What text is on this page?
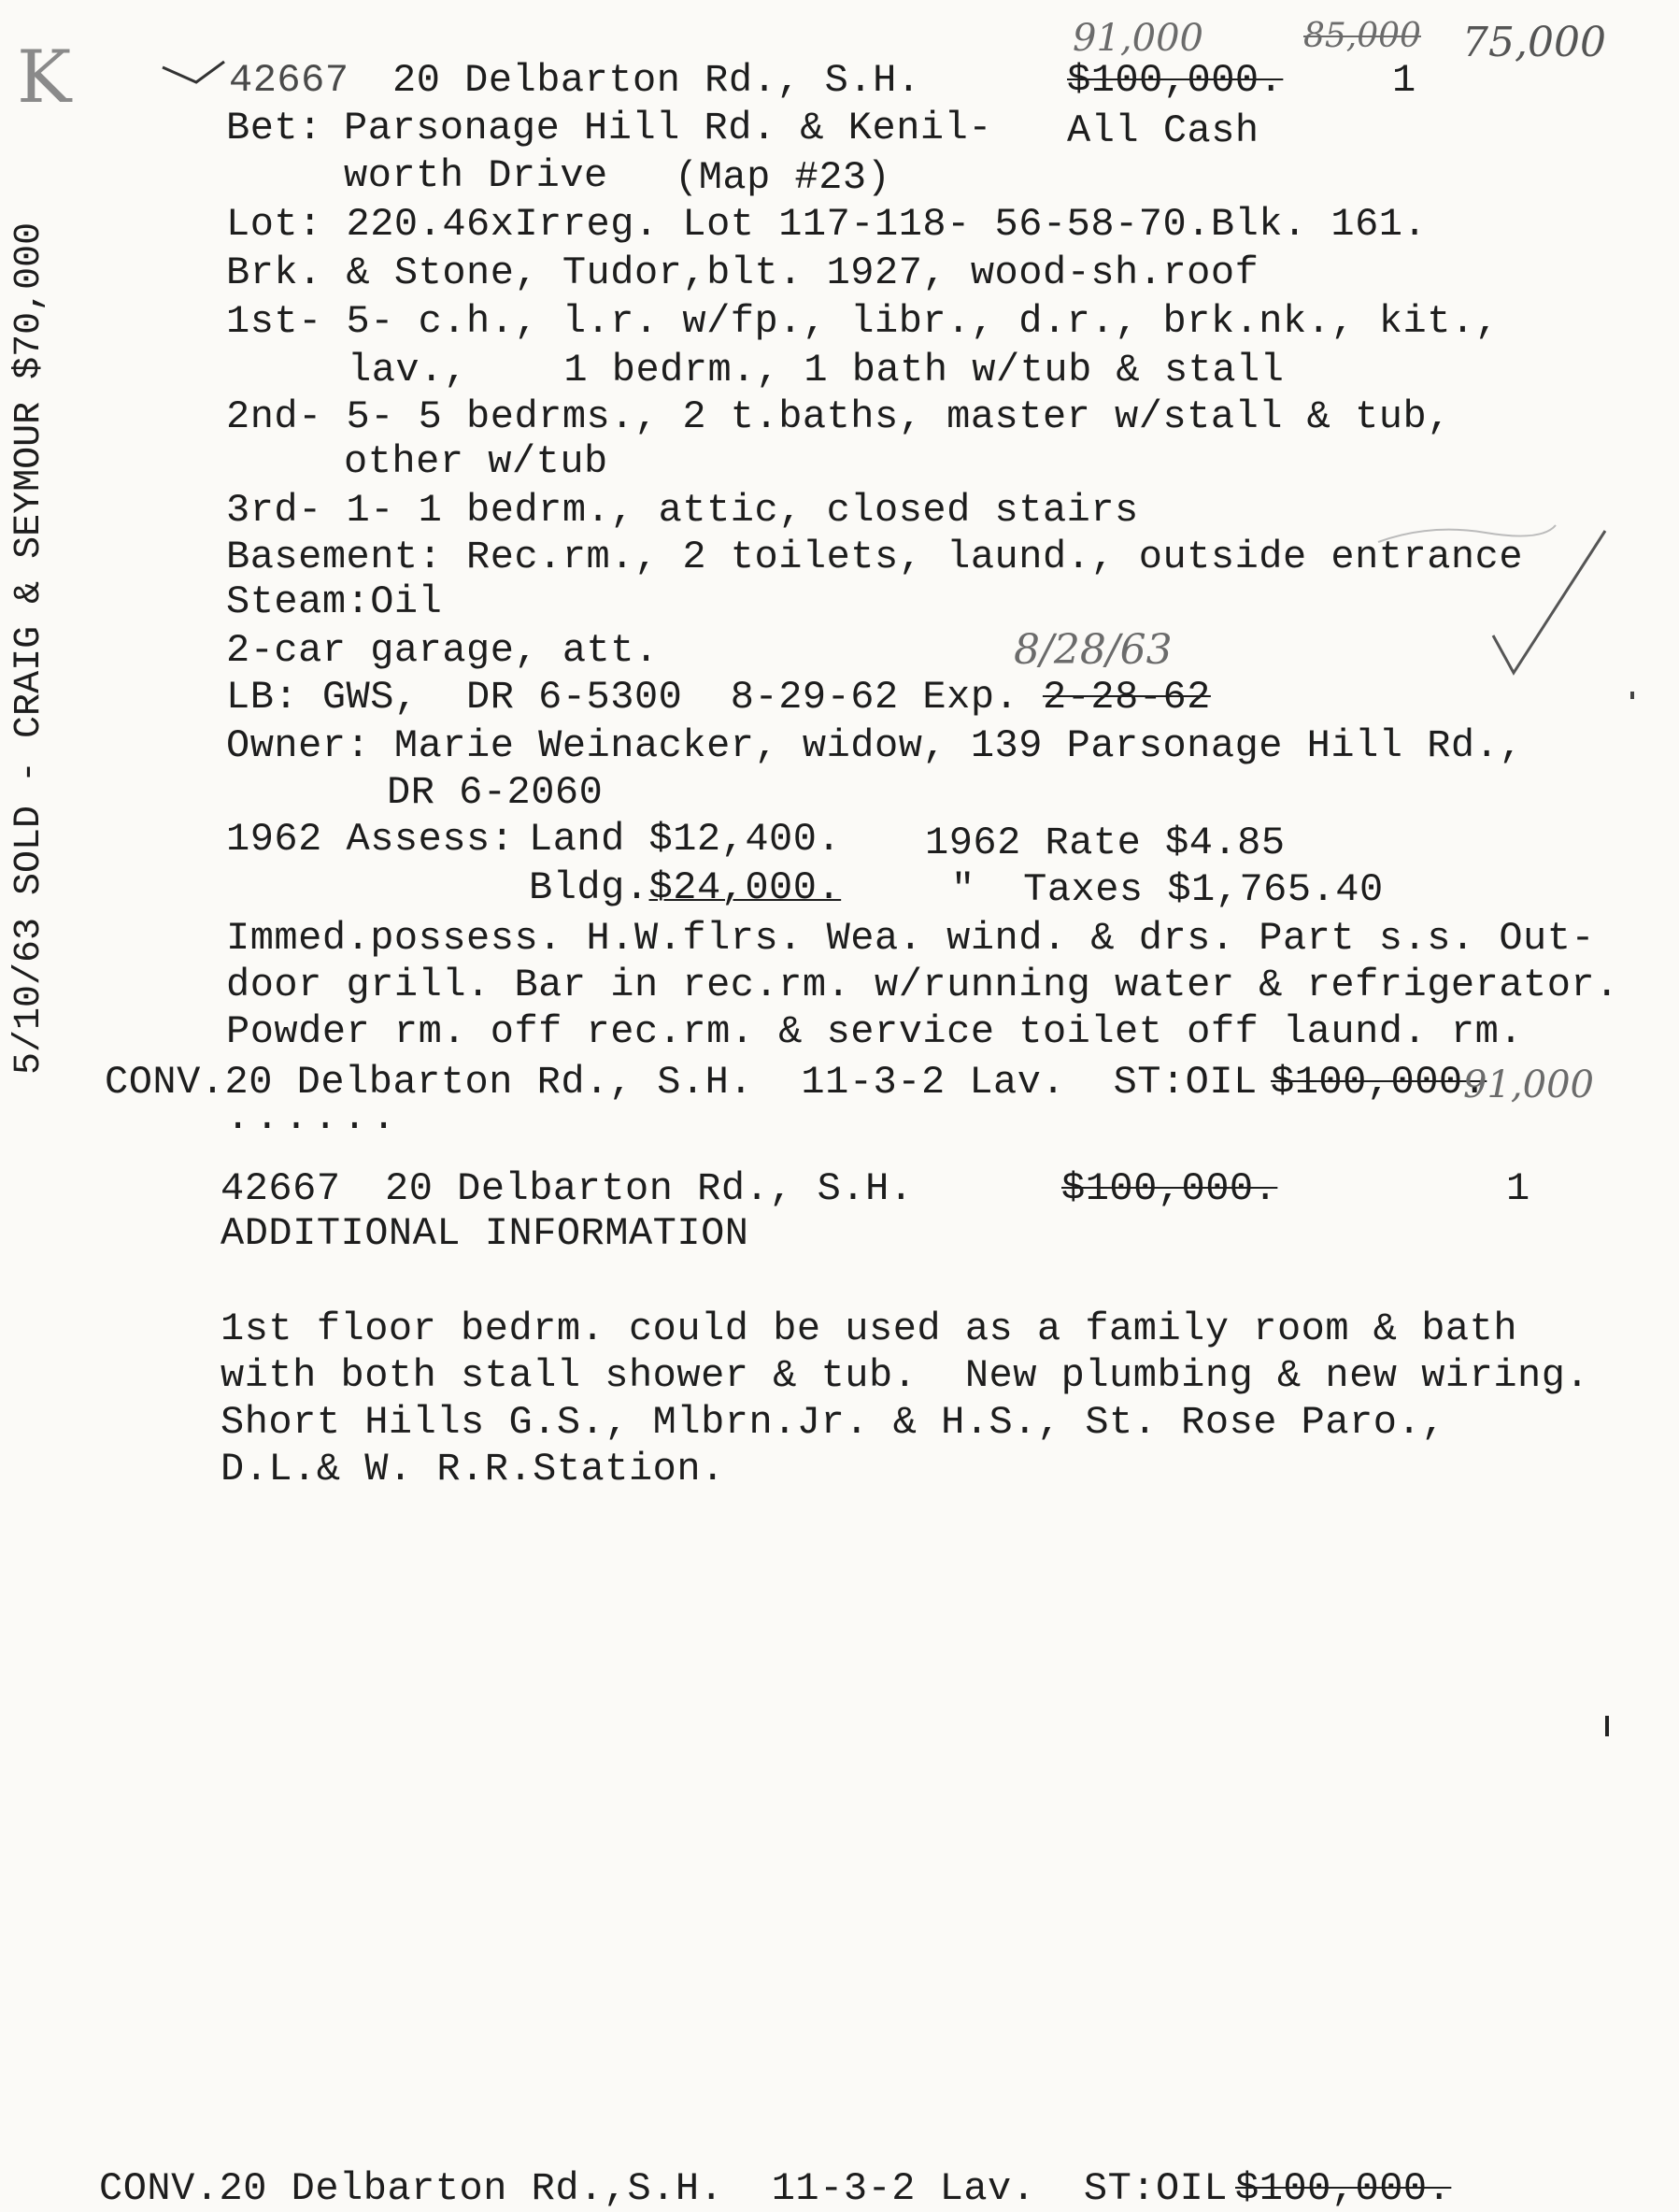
5/10/63 SOLD - CRAIG & SEYMOUR $70,000
K	42667 20 Delbarton Rd., S.H.	$100,000.	1
91,000	85,000 75,000
Bet: Parsonage Hill Rd. & Kenil- All Cash
worth Drive (Map #23)
Lot: 220.46xIrreg. Lot 117-118- 56-58-70.Blk. 161.
Brk. & Stone, Tudor,blt. 1927, wood-sh.roof
1st- 5- c.h., l.r. w/fp., libr., d.r., brk.nk., kit.,
lav.,    1 bedrm., 1 bath w/tub & stall
2nd- 5- 5 bedrms., 2 t.baths, master w/stall & tub,
other w/tub
3rd- 1- 1 bedrm., attic, closed stairs
Basement: Rec.rm., 2 toilets, laund., outside entrance
Steam:Oil
2-car garage, att.	8/28/63
LB: GWS,  DR 6-5300  8-29-62 Exp. 2-28-62
Owner: Marie Weinacker, widow, 139 Parsonage Hill Rd.,
DR 6-2060
1962 Assess: Land $12,400. 1962 Rate $4.85
Bldg.$24,000.	"  Taxes $1,765.40
Immed.possess. H.W.flrs. Wea. wind. & drs. Part s.s. Out-
door grill. Bar in rec.rm. w/running water & refrigerator.
Powder rm. off rec.rm. & service toilet off laund. rm.
CONV.20 Delbarton Rd., S.H.  11-3-2 Lav.  ST:OIL $100,000.
91,000
......
42667 20 Delbarton Rd., S.H.	$100,000.	1
ADDITIONAL INFORMATION
1st floor bedrm. could be used as a family room & bath
with both stall shower & tub.  New plumbing & new wiring.
Short Hills G.S., Mlbrn.Jr. & H.S., St. Rose Paro.,
D.L.& W. R.R.Station.
CONV.20 Delbarton Rd.,S.H.  11-3-2 Lav.  ST:OIL $100,000.
